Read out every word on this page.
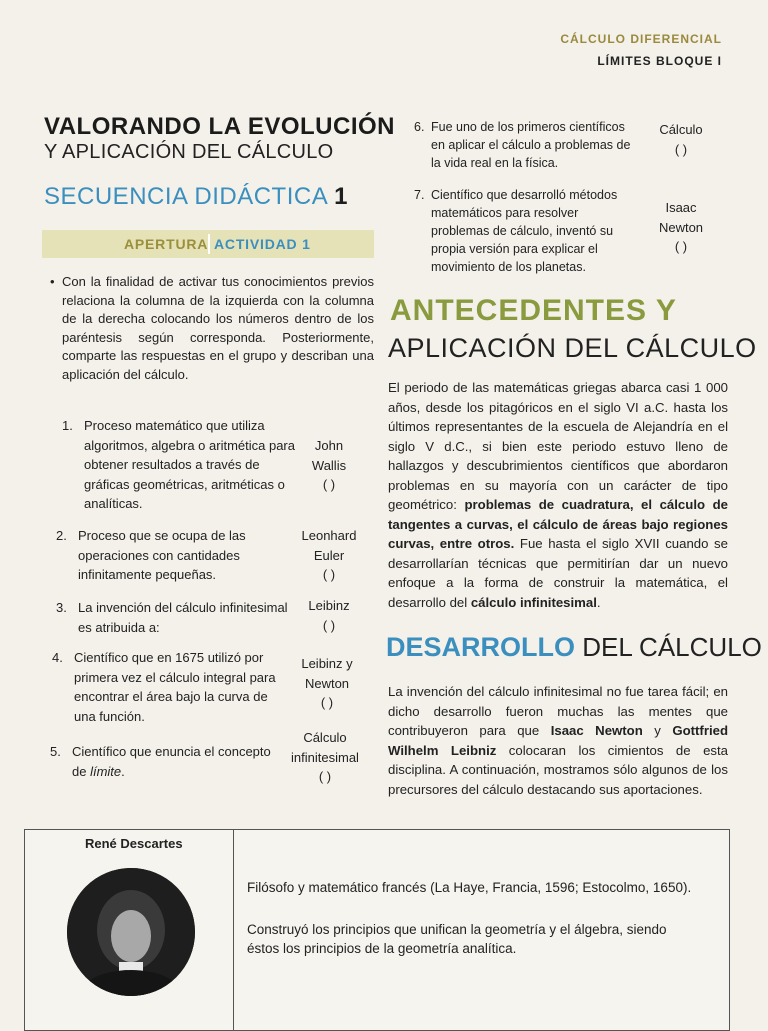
CÁLCULO DIFERENCIAL
LÍMITES BLOQUE I
VALORANDO LA EVOLUCIÓN
Y APLICACIÓN DEL CÁLCULO
SECUENCIA DIDÁCTICA 1
APERTURA ACTIVIDAD 1
• Con la finalidad de activar tus conocimientos previos relaciona la columna de la izquierda con la columna de la derecha colocando los números dentro de los paréntesis según corresponda. Posteriormente, comparte las respuestas en el grupo y describan una aplicación del cálculo.
1. Proceso matemático que utiliza algoritmos, algebra o aritmética para obtener resultados a través de gráficas geométricas, aritméticas o analíticas.
2. Proceso que se ocupa de las operaciones con cantidades infinitamente pequeñas.
3. La invención del cálculo infinitesimal es atribuida a:
4. Científico que en 1675 utilizó por primera vez el cálculo integral para encontrar el área bajo la curva de una función.
5. Científico que enuncia el concepto de límite.
John
Wallis
( )
Leonhard
Euler
( )
Leibinz
( )
Leibinz y
Newton
( )
Cálculo
infinitesimal
( )
6. Fue uno de los primeros científicos en aplicar el cálculo a problemas de la vida real en la física.
Cálculo
( )
7. Científico que desarrolló métodos matemáticos para resolver problemas de cálculo, inventó su propia versión para explicar el movimiento de los planetas.
Isaac
Newton
( )
ANTECEDENTES Y
APLICACIÓN DEL CÁLCULO
El periodo de las matemáticas griegas abarca casi 1 000 años, desde los pitagóricos en el siglo VI a.C. hasta los últimos representantes de la escuela de Alejandría en el siglo V d.C., si bien este periodo estuvo lleno de hallazgos y descubrimientos científicos que abordaron problemas en su mayoría con un carácter de tipo geométrico: problemas de cuadratura, el cálculo de tangentes a curvas, el cálculo de áreas bajo regiones curvas, entre otros. Fue hasta el siglo XVII cuando se desarrollarían técnicas que permitirían dar un nuevo enfoque a la forma de construir la matemática, el desarrollo del cálculo infinitesimal.
DESARROLLO DEL CÁLCULO
La invención del cálculo infinitesimal no fue tarea fácil; en dicho desarrollo fueron muchas las mentes que contribuyeron para que Isaac Newton y Gottfried Wilhelm Leibniz colocaran los cimientos de esta disciplina. A continuación, mostramos sólo algunos de los precursores del cálculo destacando sus aportaciones.
René Descartes
Filósofo y matemático francés (La Haye, Francia, 1596; Estocolmo, 1650).
Construyó los principios que unifican la geometría y el álgebra, siendo éstos los principios de la geometría analítica.
